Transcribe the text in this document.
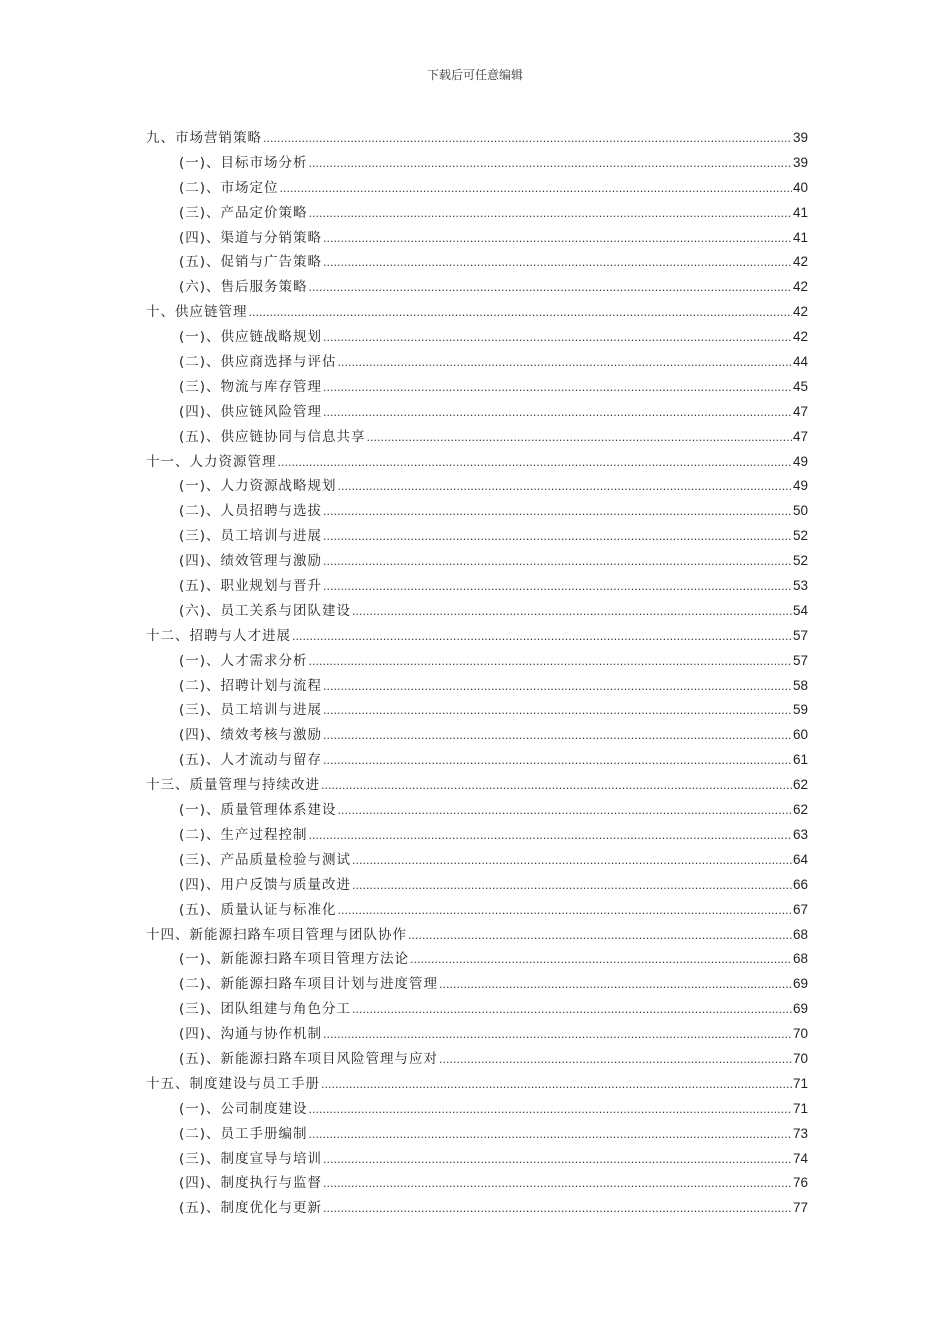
下载后可任意编辑
九、市场营销策略 .....	39
(一)、目标市场分析 .....	39
(二)、市场定位 .....	40
(三)、产品定价策略 .....	41
(四)、渠道与分销策略 .....	41
(五)、促销与广告策略 .....	42
(六)、售后服务策略 .....	42
十、供应链管理 .....	42
(一)、供应链战略规划 .....	42
(二)、供应商选择与评估 .....	44
(三)、物流与库存管理 .....	45
(四)、供应链风险管理 .....	47
(五)、供应链协同与信息共享 .....	47
十一、人力资源管理 .....	49
(一)、人力资源战略规划 .....	49
(二)、人员招聘与选拔 .....	50
(三)、员工培训与进展 .....	52
(四)、绩效管理与激励 .....	52
(五)、职业规划与晋升 .....	53
(六)、员工关系与团队建设 .....	54
十二、招聘与人才进展 .....	57
(一)、人才需求分析 .....	57
(二)、招聘计划与流程 .....	58
(三)、员工培训与进展 .....	59
(四)、绩效考核与激励 .....	60
(五)、人才流动与留存 .....	61
十三、质量管理与持续改进 .....	62
(一)、质量管理体系建设 .....	62
(二)、生产过程控制 .....	63
(三)、产品质量检验与测试 .....	64
(四)、用户反馈与质量改进 .....	66
(五)、质量认证与标准化 .....	67
十四、新能源扫路车项目管理与团队协作 .....	68
(一)、新能源扫路车项目管理方法论 .....	68
(二)、新能源扫路车项目计划与进度管理 .....	69
(三)、团队组建与角色分工 .....	69
(四)、沟通与协作机制 .....	70
(五)、新能源扫路车项目风险管理与应对 .....	70
十五、制度建设与员工手册 .....	71
(一)、公司制度建设 .....	71
(二)、员工手册编制 .....	73
(三)、制度宣导与培训 .....	74
(四)、制度执行与监督 .....	76
(五)、制度优化与更新 .....	77
